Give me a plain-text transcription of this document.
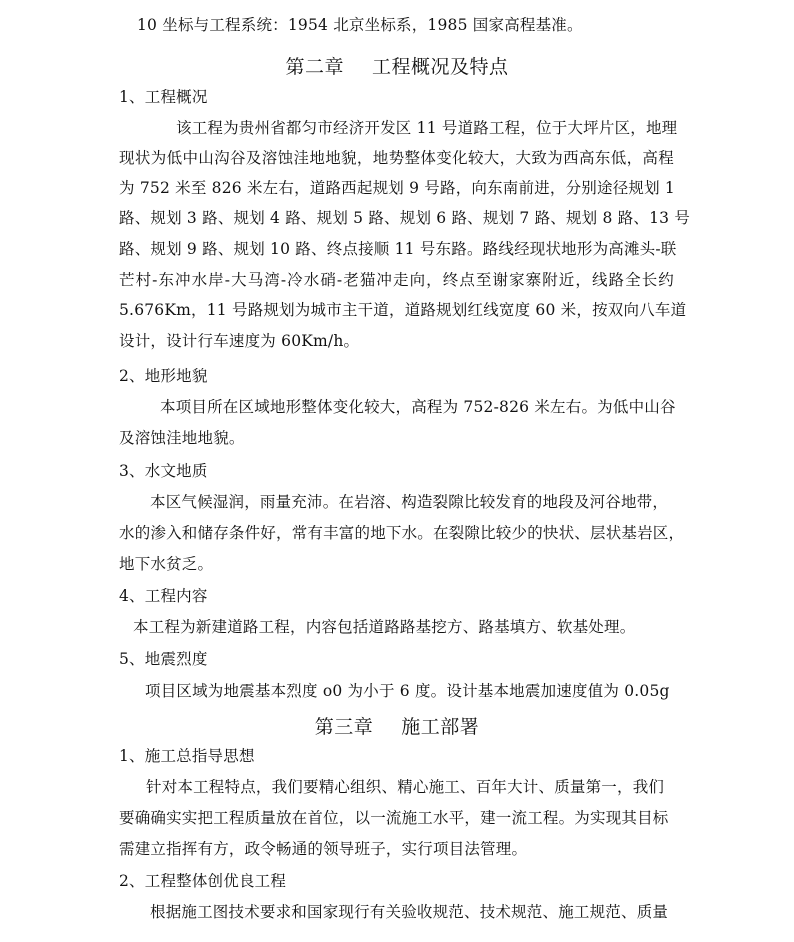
10 坐标与工程系统：1954 北京坐标系，1985 国家高程基准。
第二章 工程概况及特点
1、工程概况
该工程为贵州省都匀市经济开发区 11 号道路工程，位于大坪片区，地理
现状为低中山沟谷及溶蚀洼地地貌，地势整体变化较大，大致为西高东低，高程
为 752 米至 826 米左右，道路西起规划 9 号路，向东南前进，分别途径规划 1
路、规划 3 路、规划 4 路、规划 5 路、规划 6 路、规划 7 路、规划 8 路、13 号
路、规划 9 路、规划 10 路、终点接顺 11 号东路。路线经现状地形为高滩头-联
芒村-东冲水岸-大马湾-冷水硝-老猫冲走向，终点至谢家寨附近，线路全长约
5.676Km，11 号路规划为城市主干道，道路规划红线宽度 60 米，按双向八车道
设计，设计行车速度为 60Km/h。
2、地形地貌
本项目所在区域地形整体变化较大，高程为 752-826 米左右。为低中山谷
及溶蚀洼地地貌。
3、水文地质
本区气候湿润，雨量充沛。在岩溶、构造裂隙比较发育的地段及河谷地带，
水的渗入和储存条件好，常有丰富的地下水。在裂隙比较少的快状、层状基岩区，
地下水贫乏。
4、工程内容
本工程为新建道路工程，内容包括道路路基挖方、路基填方、软基处理。
5、地震烈度
项目区域为地震基本烈度 o0 为小于 6 度。设计基本地震加速度值为 0.05g
第三章 施工部署
1、施工总指导思想
针对本工程特点，我们要精心组织、精心施工、百年大计、质量第一，我们
要确确实实把工程质量放在首位，以一流施工水平，建一流工程。为实现其目标
需建立指挥有方，政令畅通的领导班子，实行项目法管理。
2、工程整体创优良工程
根据施工图技术要求和国家现行有关验收规范、技术规范、施工规范、质量
